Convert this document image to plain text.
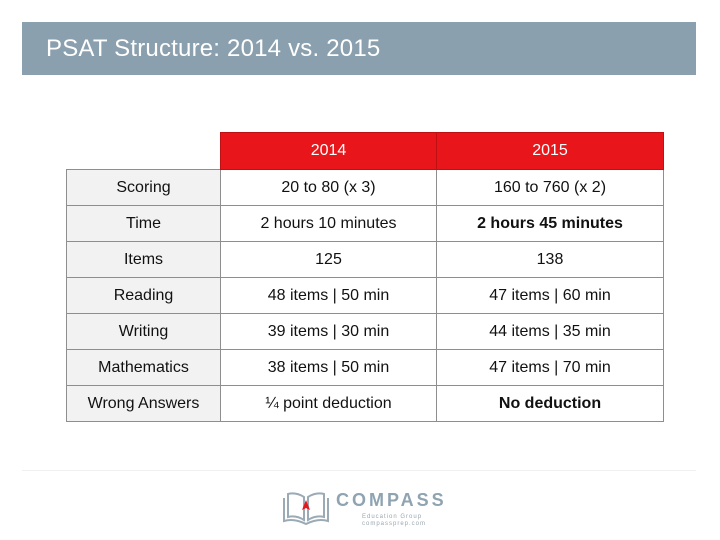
PSAT Structure: 2014 vs. 2015
	2014	2015
Scoring	20 to 80 (x 3)	160 to 760 (x 2)
Time	2 hours 10 minutes	2 hours 45 minutes
Items	125	138
Reading	48 items | 50 min	47 items | 60 min
Writing	39 items | 30 min	44 items | 35 min
Mathematics	38 items | 50 min	47 items | 70 min
Wrong Answers	¼ point deduction	No deduction
COMPASS
Education Group
compassprep.com
